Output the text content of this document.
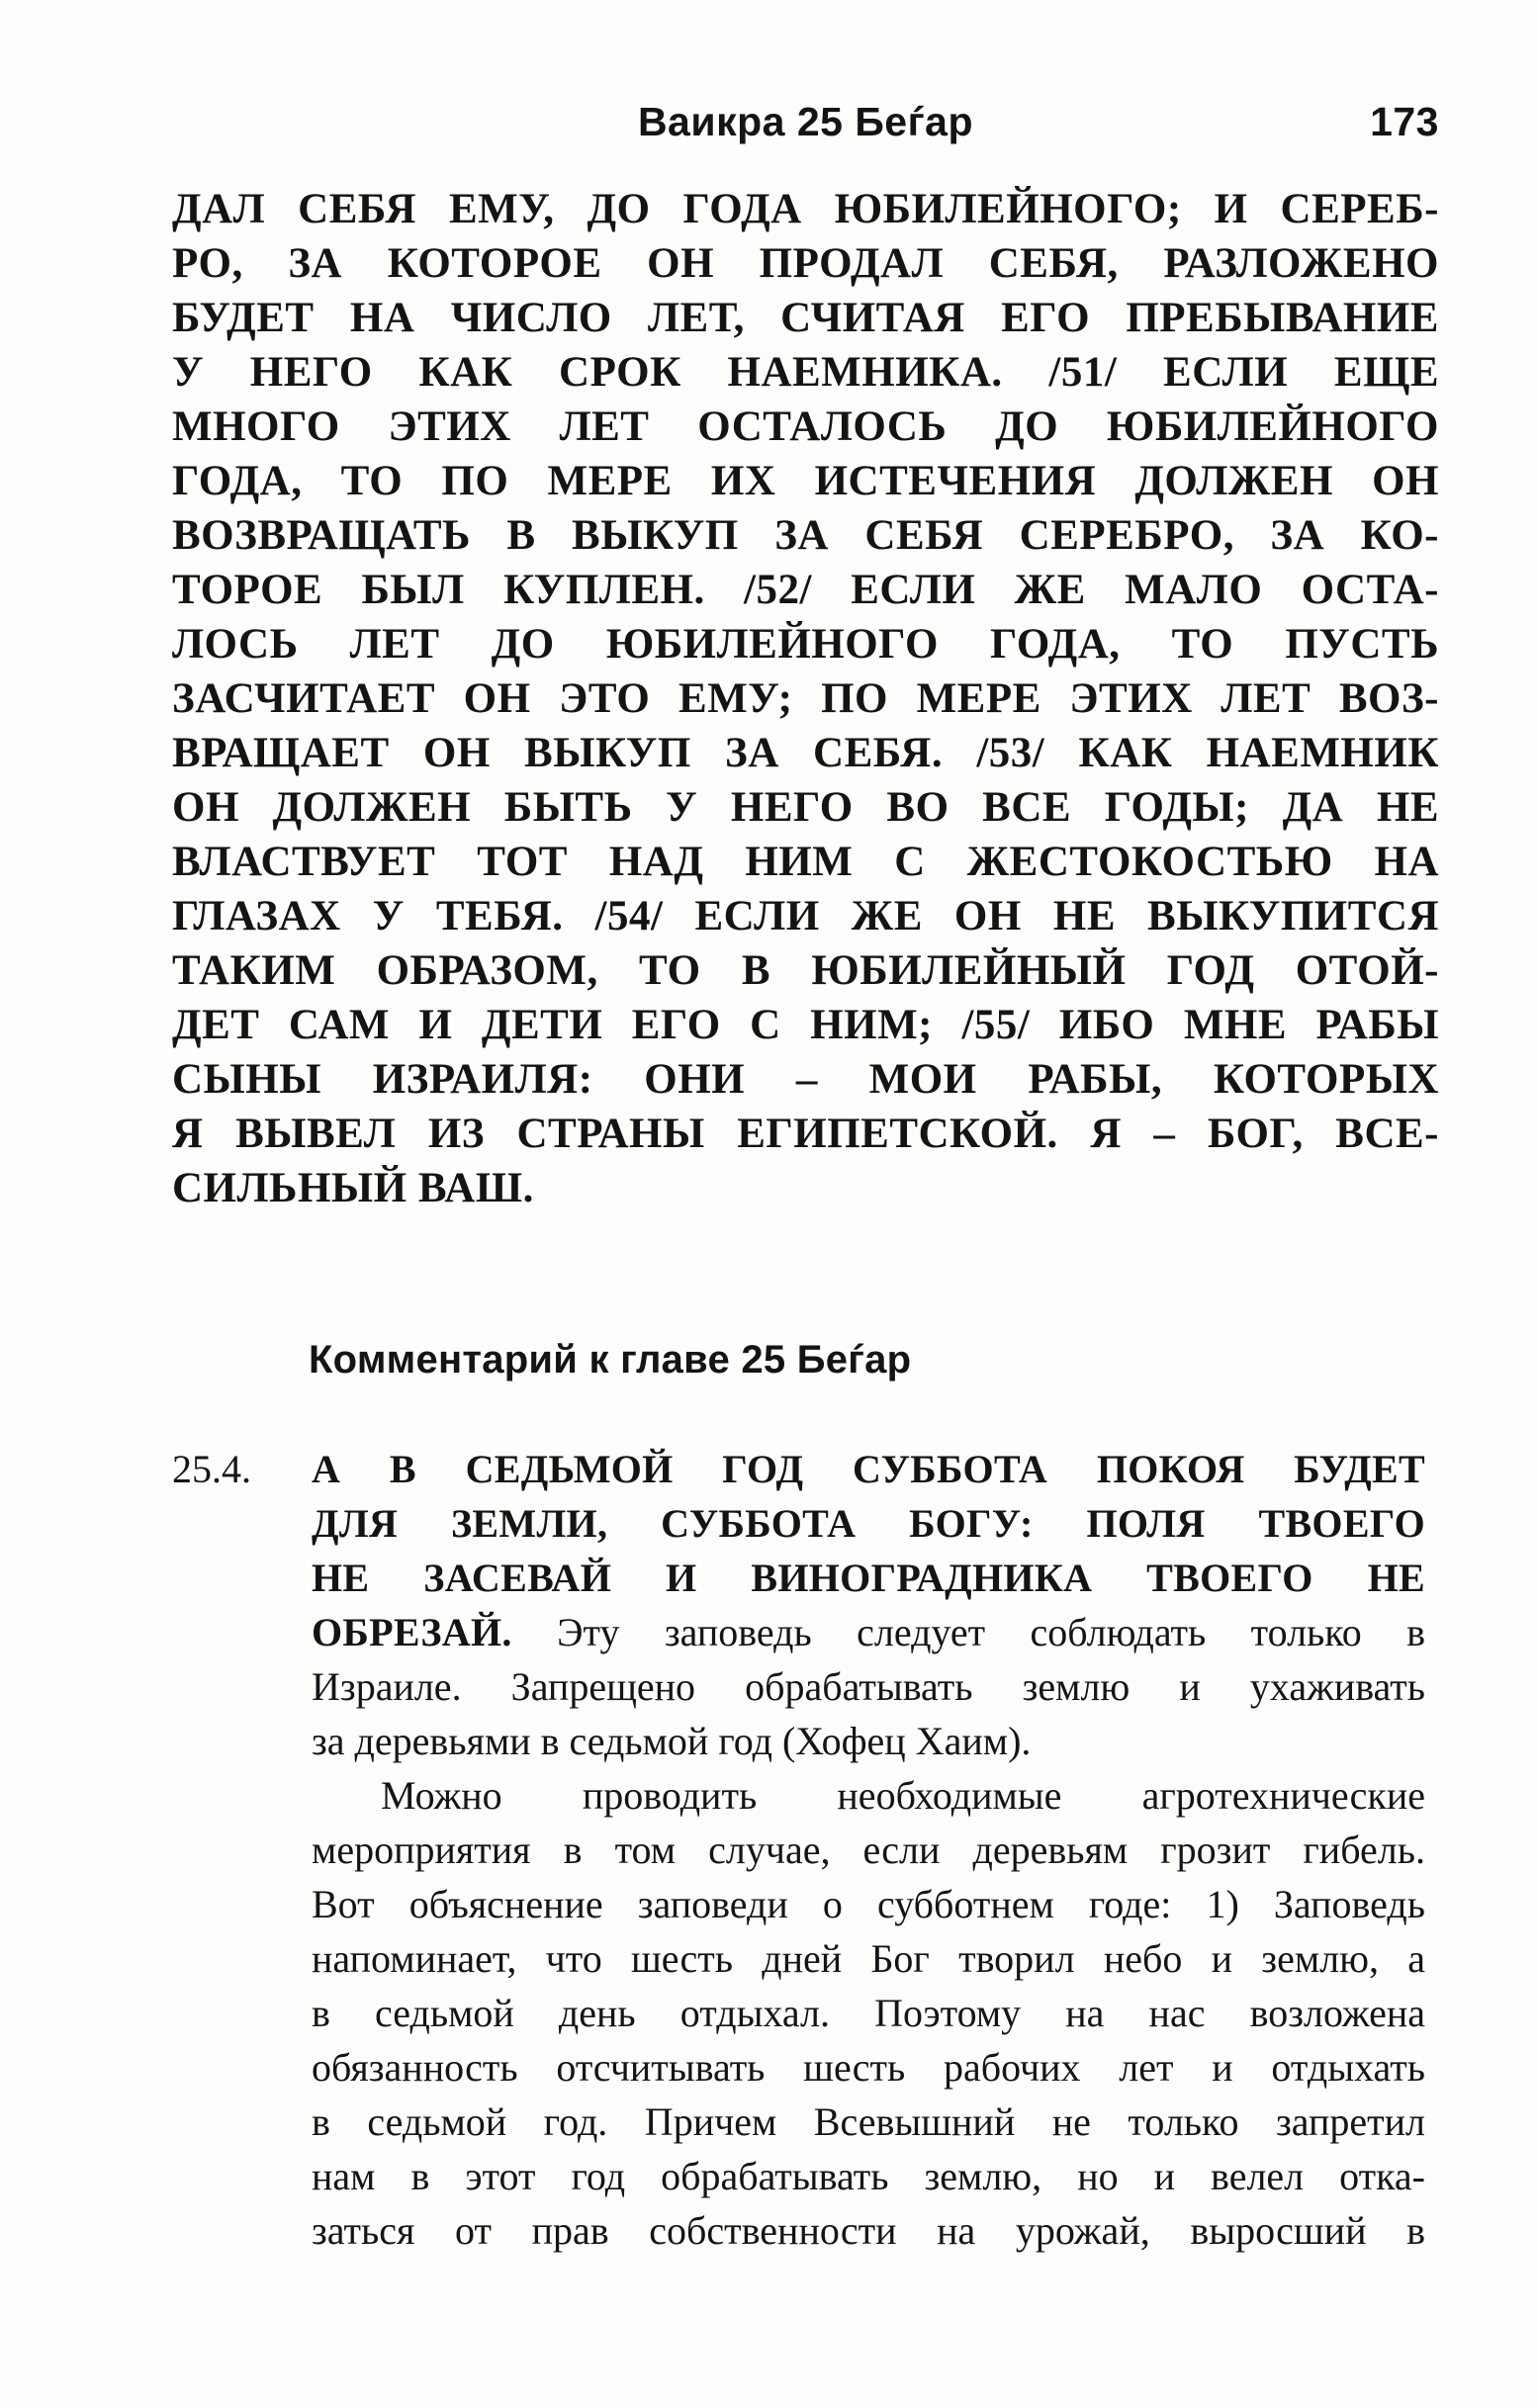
Ваикра 25 Беѓар	173
ДАЛ СЕБЯ ЕМУ, ДО ГОДА ЮБИЛЕЙНОГО; И СЕРЕБ-
РО, ЗА КОТОРОЕ ОН ПРОДАЛ СЕБЯ, РАЗЛОЖЕНО
БУДЕТ НА ЧИСЛО ЛЕТ, СЧИТАЯ ЕГО ПРЕБЫВАНИЕ
У НЕГО КАК СРОК НАЕМНИКА. /51/ ЕСЛИ ЕЩЕ
МНОГО ЭТИХ ЛЕТ ОСТАЛОСЬ ДО ЮБИЛЕЙНОГО
ГОДА, ТО ПО МЕРЕ ИХ ИСТЕЧЕНИЯ ДОЛЖЕН ОН
ВОЗВРАЩАТЬ В ВЫКУП ЗА СЕБЯ СЕРЕБРО, ЗА КО-
ТОРОЕ БЫЛ КУПЛЕН. /52/ ЕСЛИ ЖЕ МАЛО ОСТА-
ЛОСЬ ЛЕТ ДО ЮБИЛЕЙНОГО ГОДА, ТО ПУСТЬ
ЗАСЧИТАЕТ ОН ЭТО ЕМУ; ПО МЕРЕ ЭТИХ ЛЕТ ВОЗ-
ВРАЩАЕТ ОН ВЫКУП ЗА СЕБЯ. /53/ КАК НАЕМНИК
ОН ДОЛЖЕН БЫТЬ У НЕГО ВО ВСЕ ГОДЫ; ДА НЕ
ВЛАСТВУЕТ ТОТ НАД НИМ С ЖЕСТОКОСТЬЮ НА
ГЛАЗАХ У ТЕБЯ. /54/ ЕСЛИ ЖЕ ОН НЕ ВЫКУПИТСЯ
ТАКИМ ОБРАЗОМ, ТО В ЮБИЛЕЙНЫЙ ГОД ОТОЙ-
ДЕТ САМ И ДЕТИ ЕГО С НИМ; /55/ ИБО МНЕ РАБЫ
СЫНЫ ИЗРАИЛЯ: ОНИ – МОИ РАБЫ, КОТОРЫХ
Я ВЫВЕЛ ИЗ СТРАНЫ ЕГИПЕТСКОЙ. Я – БОГ, ВСЕ-
СИЛЬНЫЙ ВАШ.
Комментарий к главе 25 Беѓар
25.4. А В СЕДЬМОЙ ГОД СУББОТА ПОКОЯ БУДЕТ
ДЛЯ ЗЕМЛИ, СУББОТА БОГУ: ПОЛЯ ТВОЕГО
НЕ ЗАСЕВАЙ И ВИНОГРАДНИКА ТВОЕГО НЕ
ОБРЕЗАЙ. Эту заповедь следует соблюдать только в
Израиле. Запрещено обрабатывать землю и ухаживать
за деревьями в седьмой год (Хофец Хаим).
Можно проводить необходимые агротехнические
мероприятия в том случае, если деревьям грозит гибель.
Вот объяснение заповеди о субботнем годе: 1) Заповедь
напоминает, что шесть дней Бог творил небо и землю, а
в седьмой день отдыхал. Поэтому на нас возложена
обязанность отсчитывать шесть рабочих лет и отдыхать
в седьмой год. Причем Всевышний не только запретил
нам в этот год обрабатывать землю, но и велел отка-
заться от прав собственности на урожай, выросший в
